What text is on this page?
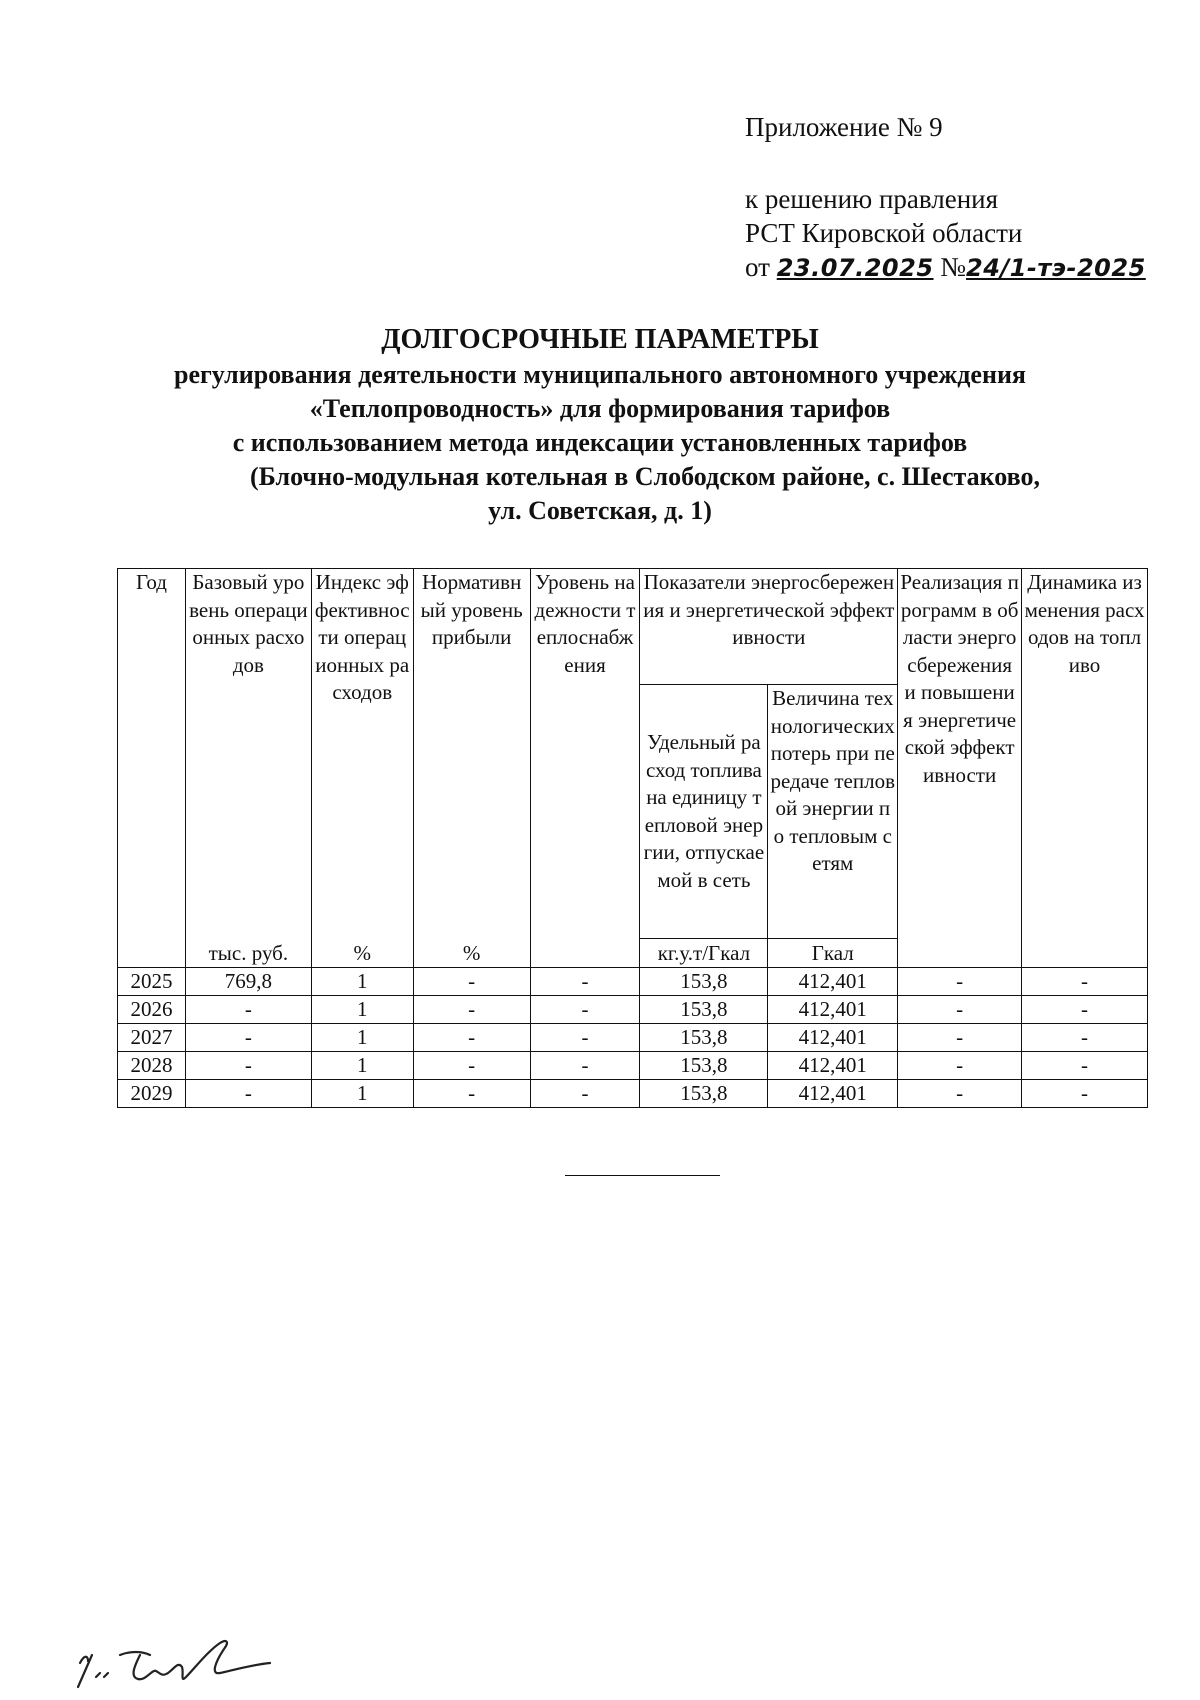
Приложение № 9
к решению правления
РСТ Кировской области
от 23.07.2025 №24/1-тэ-2025
ДОЛГОСРОЧНЫЕ ПАРАМЕТРЫ
регулирования деятельности муниципального автономного учреждения
«Теплопроводность» для формирования тарифов
с использованием метода индексации установленных тарифов
(Блочно-модульная котельная в Слободском районе, с. Шестаково,
ул. Советская, д. 1)
Год	Базовый уровень операционных расходов	Индекс эффективности операционных расходов	Нормативный уровень прибыли	Уровень надежности теплоснабжения	Показатели энергосбережения и энергетической эффективности		Реализация программ в области энергосбережения и повышения энергетической эффективности	Динамика изменения расходов на топливо
					Удельный расход топлива на единицу тепловой энергии, отпускаемой в сеть	Величина технологических потерь при передаче тепловой энергии по тепловым сетям		
	тыс. руб.	%	%		кг.у.т/Гкал	Гкал		
2025	769,8	1	-	-	153,8	412,401	-	-
2026	-	1	-	-	153,8	412,401	-	-
2027	-	1	-	-	153,8	412,401	-	-
2028	-	1	-	-	153,8	412,401	-	-
2029	-	1	-	-	153,8	412,401	-	-
